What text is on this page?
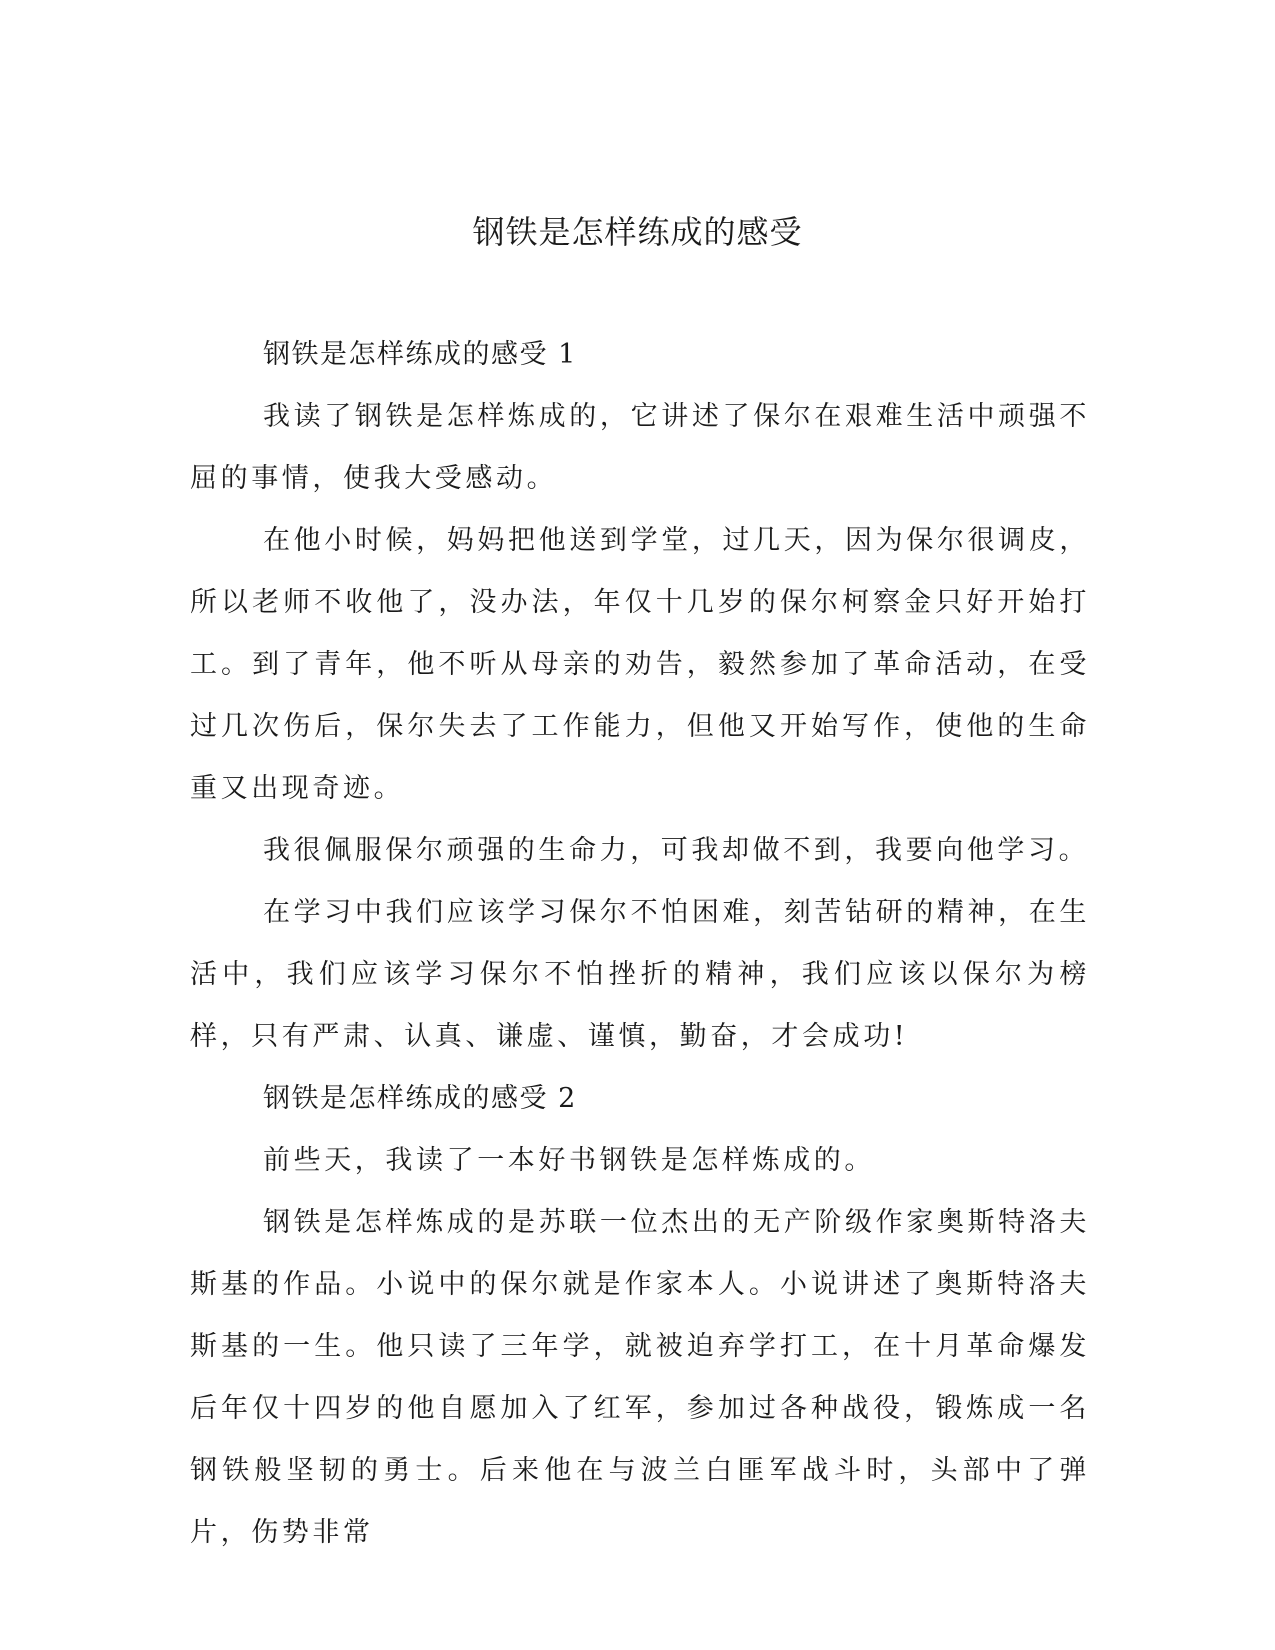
钢铁是怎样练成的感受

钢铁是怎样练成的感受 1

我读了钢铁是怎样炼成的，它讲述了保尔在艰难生活中顽强不屈的事情，使我大受感动。

在他小时候，妈妈把他送到学堂，过几天，因为保尔很调皮，所以老师不收他了，没办法，年仅十几岁的保尔柯察金只好开始打工。到了青年，他不听从母亲的劝告，毅然参加了革命活动，在受过几次伤后，保尔失去了工作能力，但他又开始写作，使他的生命重又出现奇迹。

我很佩服保尔顽强的生命力，可我却做不到，我要向他学习。

在学习中我们应该学习保尔不怕困难，刻苦钻研的精神，在生活中，我们应该学习保尔不怕挫折的精神，我们应该以保尔为榜样，只有严肃、认真、谦虚、谨慎，勤奋，才会成功!

钢铁是怎样练成的感受 2

前些天，我读了一本好书钢铁是怎样炼成的。

钢铁是怎样炼成的是苏联一位杰出的无产阶级作家奥斯特洛夫斯基的作品。小说中的保尔就是作家本人。小说讲述了奥斯特洛夫斯基的一生。他只读了三年学，就被迫弃学打工，在十月革命爆发后年仅十四岁的他自愿加入了红军，参加过各种战役，锻炼成一名钢铁般坚韧的勇士。后来他在与波兰白匪军战斗时，头部中了弹片，伤势非常
